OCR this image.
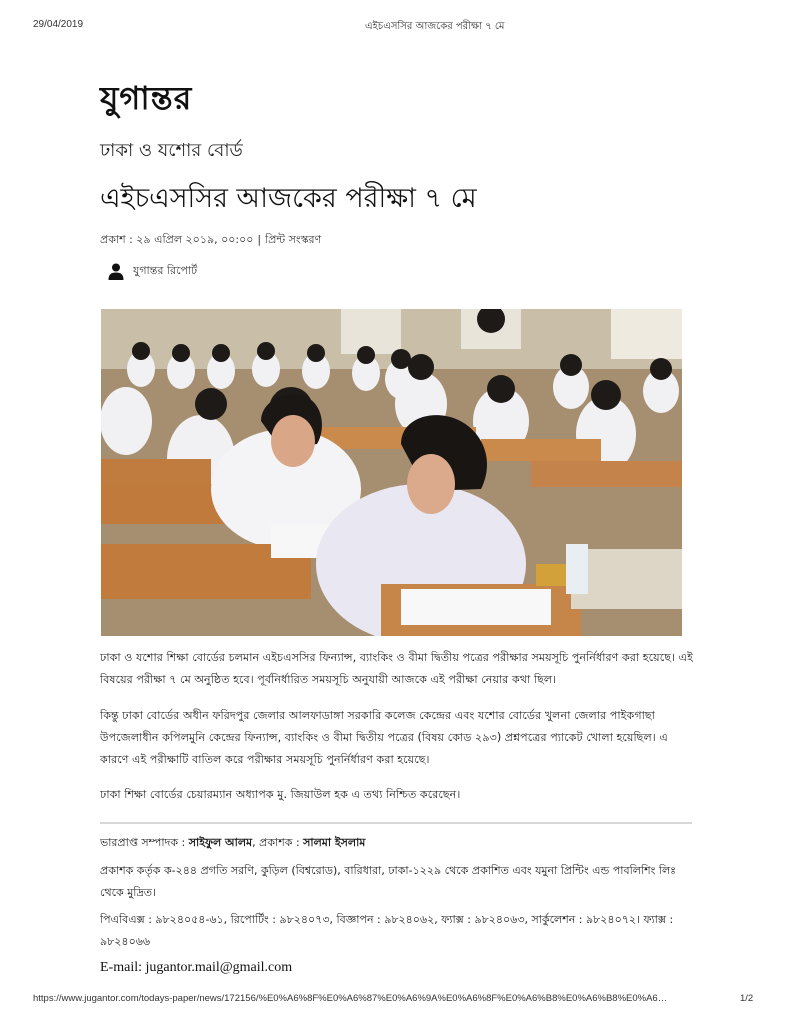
29/04/2019	এইচএসসির আজকের পরীক্ষা ৭ মে
যুগান্তর
ঢাকা ও যশোর বোর্ড
এইচএসসির আজকের পরীক্ষা ৭ মে
প্রকাশ : ২৯ এপ্রিল ২০১৯, ০০:০০ | প্রিন্ট সংস্করণ
যুগান্তর রিপোর্ট
ঢাকা ও যশোর শিক্ষা বোর্ডের চলমান এইচএসসির ফিন্যান্স, ব্যাংকিং ও বীমা দ্বিতীয় পত্রের পরীক্ষার সময়সূচি পুনর্নির্ধারণ করা হয়েছে। এই বিষয়ের পরীক্ষা ৭ মে অনুষ্ঠিত হবে। পূর্বনির্ধারিত সময়সূচি অনুযায়ী আজকে এই পরীক্ষা নেয়ার কথা ছিল।
কিন্তু ঢাকা বোর্ডের অধীন ফরিদপুর জেলার আলফাডাঙ্গা সরকারি কলেজ কেন্দ্রের এবং যশোর বোর্ডের খুলনা জেলার পাইকগাছা উপজেলাধীন কপিলমুনি কেন্দ্রের ফিন্যান্স, ব্যাংকিং ও বীমা দ্বিতীয় পত্রের (বিষয় কোড ২৯৩) প্রশ্নপত্রের প্যাকেট খোলা হয়েছিল। এ কারণে এই পরীক্ষাটি বাতিল করে পরীক্ষার সময়সূচি পুনর্নির্ধারণ করা হয়েছে।
ঢাকা শিক্ষা বোর্ডের চেয়ারম্যান অধ্যাপক মু. জিয়াউল হক এ তথ্য নিশ্চিত করেছেন।
ভারপ্রাপ্ত সম্পাদক : সাইফুল আলম, প্রকাশক : সালমা ইসলাম
প্রকাশক কর্তৃক ক-২৪৪ প্রগতি সরণি, কুড়িল (বিশ্বরোড), বারিধারা, ঢাকা-১২২৯ থেকে প্রকাশিত এবং যমুনা প্রিন্টিং এন্ড পাবলিশিং লিঃ থেকে মুদ্রিত।
পিএবিএক্স : ৯৮২৪০৫৪-৬১, রিপোর্টিং : ৯৮২৪০৭৩, বিজ্ঞাপন : ৯৮২৪০৬২, ফ্যাক্স : ৯৮২৪০৬৩, সার্কুলেশন : ৯৮২৪০৭২। ফ্যাক্স : ৯৮২৪০৬৬
E-mail: jugantor.mail@gmail.com
https://www.jugantor.com/todays-paper/news/172156/%E0%A6%8F%E0%A6%87%E0%A6%9A%E0%A6%8F%E0%A6%B8%E0%A6%B8%E0%A6…	1/2
